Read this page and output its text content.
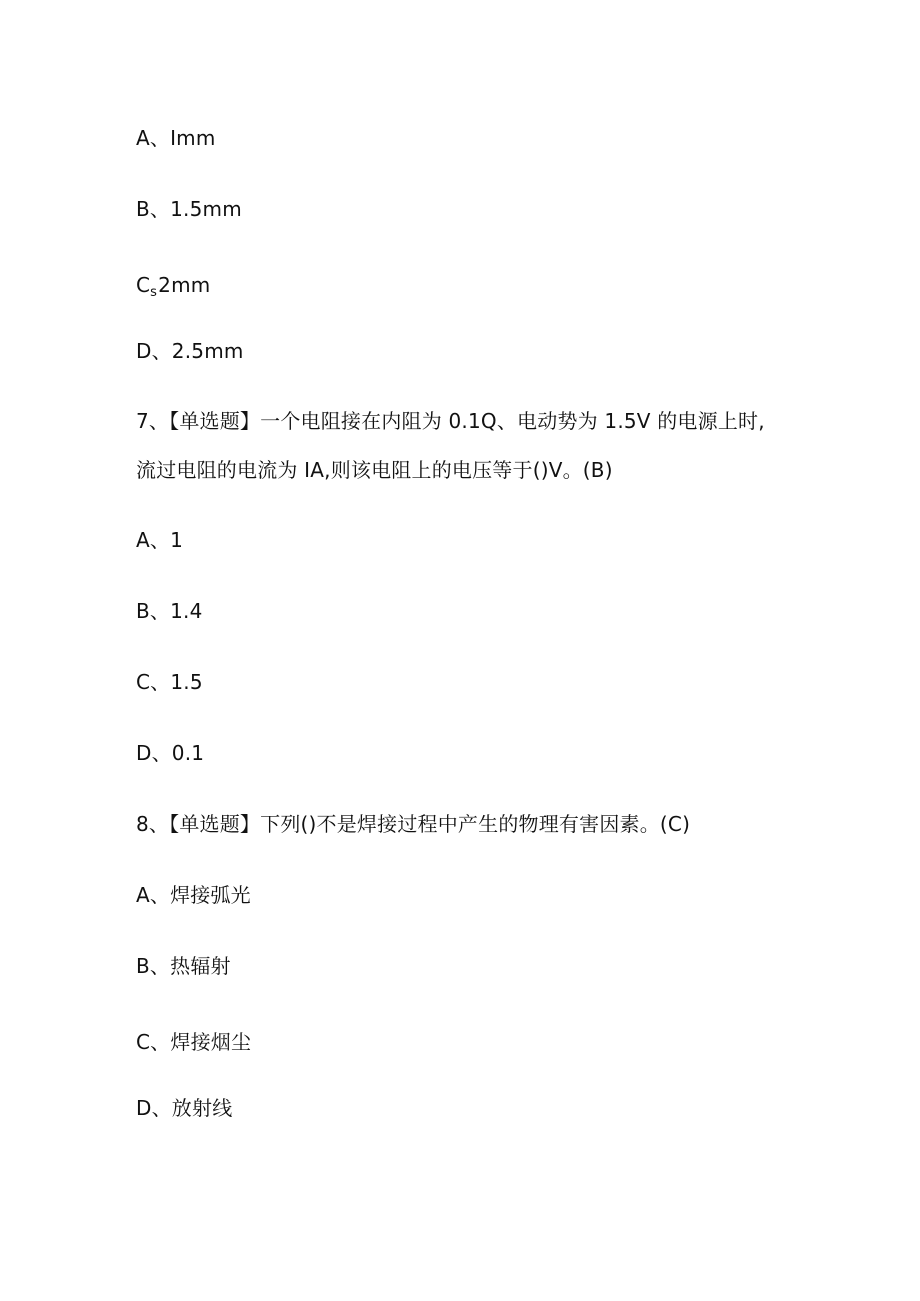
A、Imm
B、1.5mm
$C_s2mm$
D、2.5mm
7、【单选题】一个电阻接在内阻为 0.1Q、电动势为 1.5V 的电源上时,
流过电阻的电流为 IA,则该电阻上的电压等于()V。(B)
A、1
B、1.4
C、1.5
D、0.1
8、【单选题】下列()不是焊接过程中产生的物理有害因素。(C)
A、焊接弧光
B、热辐射
C、焊接烟尘
D、放射线
